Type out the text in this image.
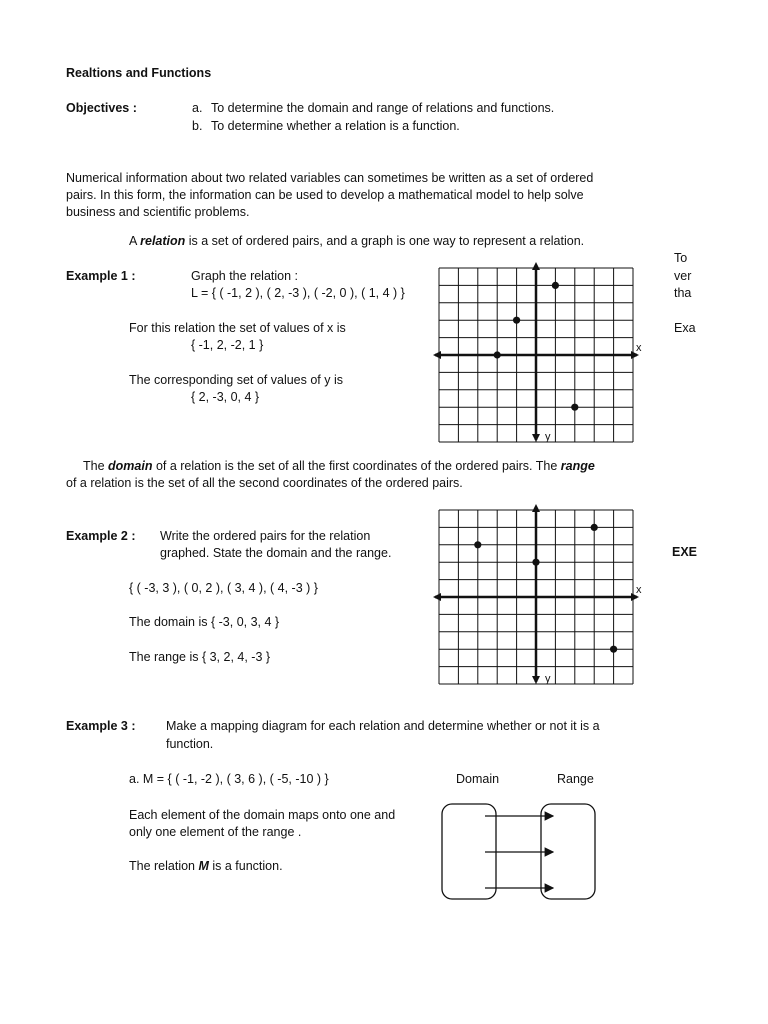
Realtions and Functions
Objectives :	a. To determine the domain and range of relations and functions.
b. To determine whether a relation is a function.
Numerical information about two related variables can sometimes be written as a set of ordered
pairs. In this form, the information can be used to develop a mathematical model to help solve
business and scientific problems.
A relation is a set of ordered pairs, and a graph is one way to represent a relation.
To
ver
tha
Exa
EXE
Example 1 :	Graph the relation :
L = { ( -1, 2 ), ( 2, -3 ), ( -2, 0 ), ( 1, 4 ) }
For this relation the set of values of x is
{ -1, 2, -2, 1 }
The corresponding set of values of y is
{ 2, -3, 0, 4 }
x
y
The domain of a relation is the set of all the first coordinates of the ordered pairs. The range
of a relation is the set of all the second coordinates of the ordered pairs.
Example 2 : Write the ordered pairs for the relation
graphed. State the domain and the range.
{ ( -3, 3 ), ( 0, 2 ), ( 3, 4 ), ( 4, -3 ) }
The domain is { -3, 0, 3, 4 }
The range is { 3, 2, 4, -3 }
x
y
Example 3 : Make a mapping diagram for each relation and determine whether or not it is a
function.
a. M = { ( -1, -2 ), ( 3, 6 ), ( -5, -10 ) }
Each element of the domain maps onto one and
only one element of the range .
The relation M is a function.
Domain	Range
